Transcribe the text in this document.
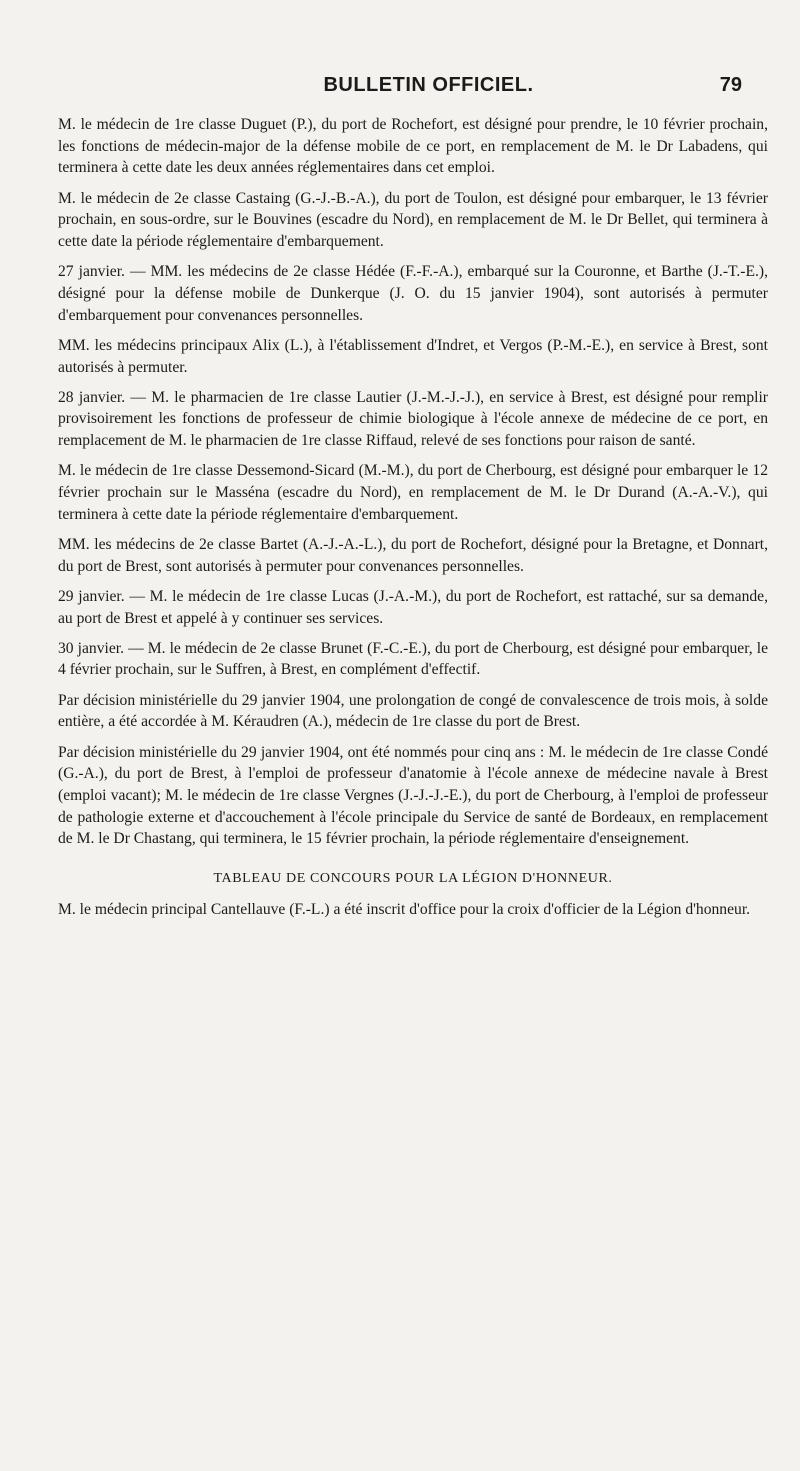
BULLETIN OFFICIEL.	79

M. le médecin de 1re classe Duguet (P.), du port de Rochefort, est désigné pour prendre, le 10 février prochain, les fonctions de médecin-major de la défense mobile de ce port, en remplacement de M. le Dr Labadens, qui terminera à cette date les deux années réglementaires dans cet emploi.

M. le médecin de 2e classe Castaing (G.-J.-B.-A.), du port de Toulon, est désigné pour embarquer, le 13 février prochain, en sous-ordre, sur le Bouvines (escadre du Nord), en remplacement de M. le Dr Bellet, qui terminera à cette date la période réglementaire d'embarquement.

27 janvier. — MM. les médecins de 2e classe Hédée (F.-F.-A.), embarqué sur la Couronne, et Barthe (J.-T.-E.), désigné pour la défense mobile de Dunkerque (J. O. du 15 janvier 1904), sont autorisés à permuter d'embarquement pour convenances personnelles.

MM. les médecins principaux Alix (L.), à l'établissement d'Indret, et Vergos (P.-M.-E.), en service à Brest, sont autorisés à permuter.

28 janvier. — M. le pharmacien de 1re classe Lautier (J.-M.-J.-J.), en service à Brest, est désigné pour remplir provisoirement les fonctions de professeur de chimie biologique à l'école annexe de médecine de ce port, en remplacement de M. le pharmacien de 1re classe Riffaud, relevé de ses fonctions pour raison de santé.

M. le médecin de 1re classe Dessemond-Sicard (M.-M.), du port de Cherbourg, est désigné pour embarquer le 12 février prochain sur le Masséna (escadre du Nord), en remplacement de M. le Dr Durand (A.-A.-V.), qui terminera à cette date la période réglementaire d'embarquement.

MM. les médecins de 2e classe Bartet (A.-J.-A.-L.), du port de Rochefort, désigné pour la Bretagne, et Donnart, du port de Brest, sont autorisés à permuter pour convenances personnelles.

29 janvier. — M. le médecin de 1re classe Lucas (J.-A.-M.), du port de Rochefort, est rattaché, sur sa demande, au port de Brest et appelé à y continuer ses services.

30 janvier. — M. le médecin de 2e classe Brunet (F.-C.-E.), du port de Cherbourg, est désigné pour embarquer, le 4 février prochain, sur le Suffren, à Brest, en complément d'effectif.

Par décision ministérielle du 29 janvier 1904, une prolongation de congé de convalescence de trois mois, à solde entière, a été accordée à M. Kéraudren (A.), médecin de 1re classe du port de Brest.

Par décision ministérielle du 29 janvier 1904, ont été nommés pour cinq ans : M. le médecin de 1re classe Condé (G.-A.), du port de Brest, à l'emploi de professeur d'anatomie à l'école annexe de médecine navale à Brest (emploi vacant); M. le médecin de 1re classe Vergnes (J.-J.-J.-E.), du port de Cherbourg, à l'emploi de professeur de pathologie externe et d'accouchement à l'école principale du Service de santé de Bordeaux, en remplacement de M. le Dr Chastang, qui terminera, le 15 février prochain, la période réglementaire d'enseignement.

TABLEAU DE CONCOURS POUR LA LÉGION D'HONNEUR.

M. le médecin principal Cantellauve (F.-L.) a été inscrit d'office pour la croix d'officier de la Légion d'honneur.
